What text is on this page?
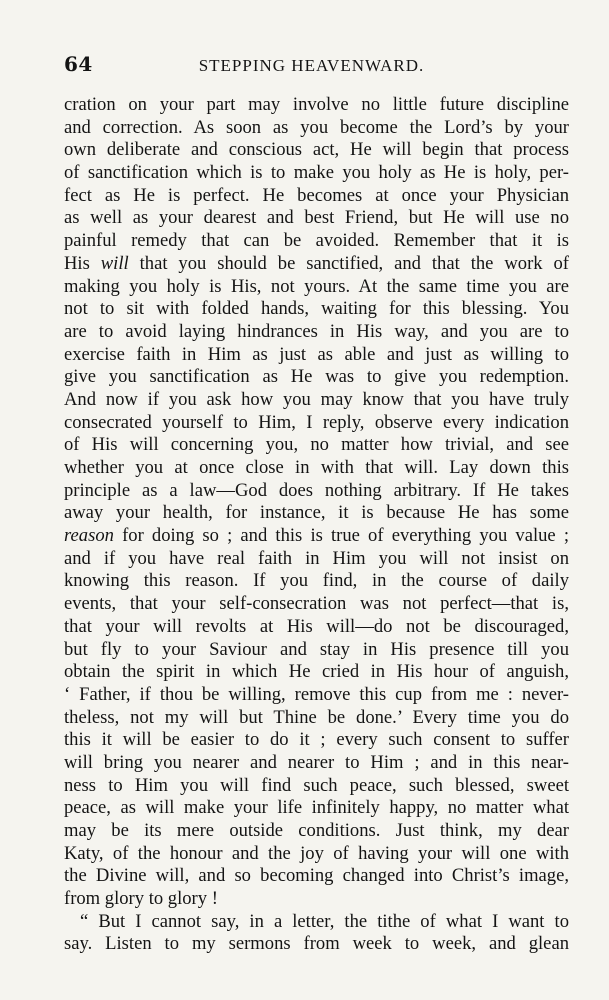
64	STEPPING HEAVENWARD.
cration on your part may involve no little future discipline
and correction. As soon as you become the Lord’s by your
own deliberate and conscious act, He will begin that process
of sanctification which is to make you holy as He is holy, per-
fect as He is perfect. He becomes at once your Physician
as well as your dearest and best Friend, but He will use no
painful remedy that can be avoided. Remember that it is
His will that you should be sanctified, and that the work of
making you holy is His, not yours. At the same time you are
not to sit with folded hands, waiting for this blessing. You
are to avoid laying hindrances in His way, and you are to
exercise faith in Him as just as able and just as willing to
give you sanctification as He was to give you redemption.
And now if you ask how you may know that you have truly
consecrated yourself to Him, I reply, observe every indication
of His will concerning you, no matter how trivial, and see
whether you at once close in with that will. Lay down this
principle as a law—God does nothing arbitrary. If He takes
away your health, for instance, it is because He has some
reason for doing so ; and this is true of everything you value ;
and if you have real faith in Him you will not insist on
knowing this reason. If you find, in the course of daily
events, that your self-consecration was not perfect—that is,
that your will revolts at His will—do not be discouraged,
but fly to your Saviour and stay in His presence till you
obtain the spirit in which He cried in His hour of anguish,
‘ Father, if thou be willing, remove this cup from me : never-
theless, not my will but Thine be done.’ Every time you do
this it will be easier to do it ; every such consent to suffer
will bring you nearer and nearer to Him ; and in this near-
ness to Him you will find such peace, such blessed, sweet
peace, as will make your life infinitely happy, no matter what
may be its mere outside conditions. Just think, my dear
Katy, of the honour and the joy of having your will one with
the Divine will, and so becoming changed into Christ’s image,
from glory to glory !
“ But I cannot say, in a letter, the tithe of what I want to
say. Listen to my sermons from week to week, and glean
